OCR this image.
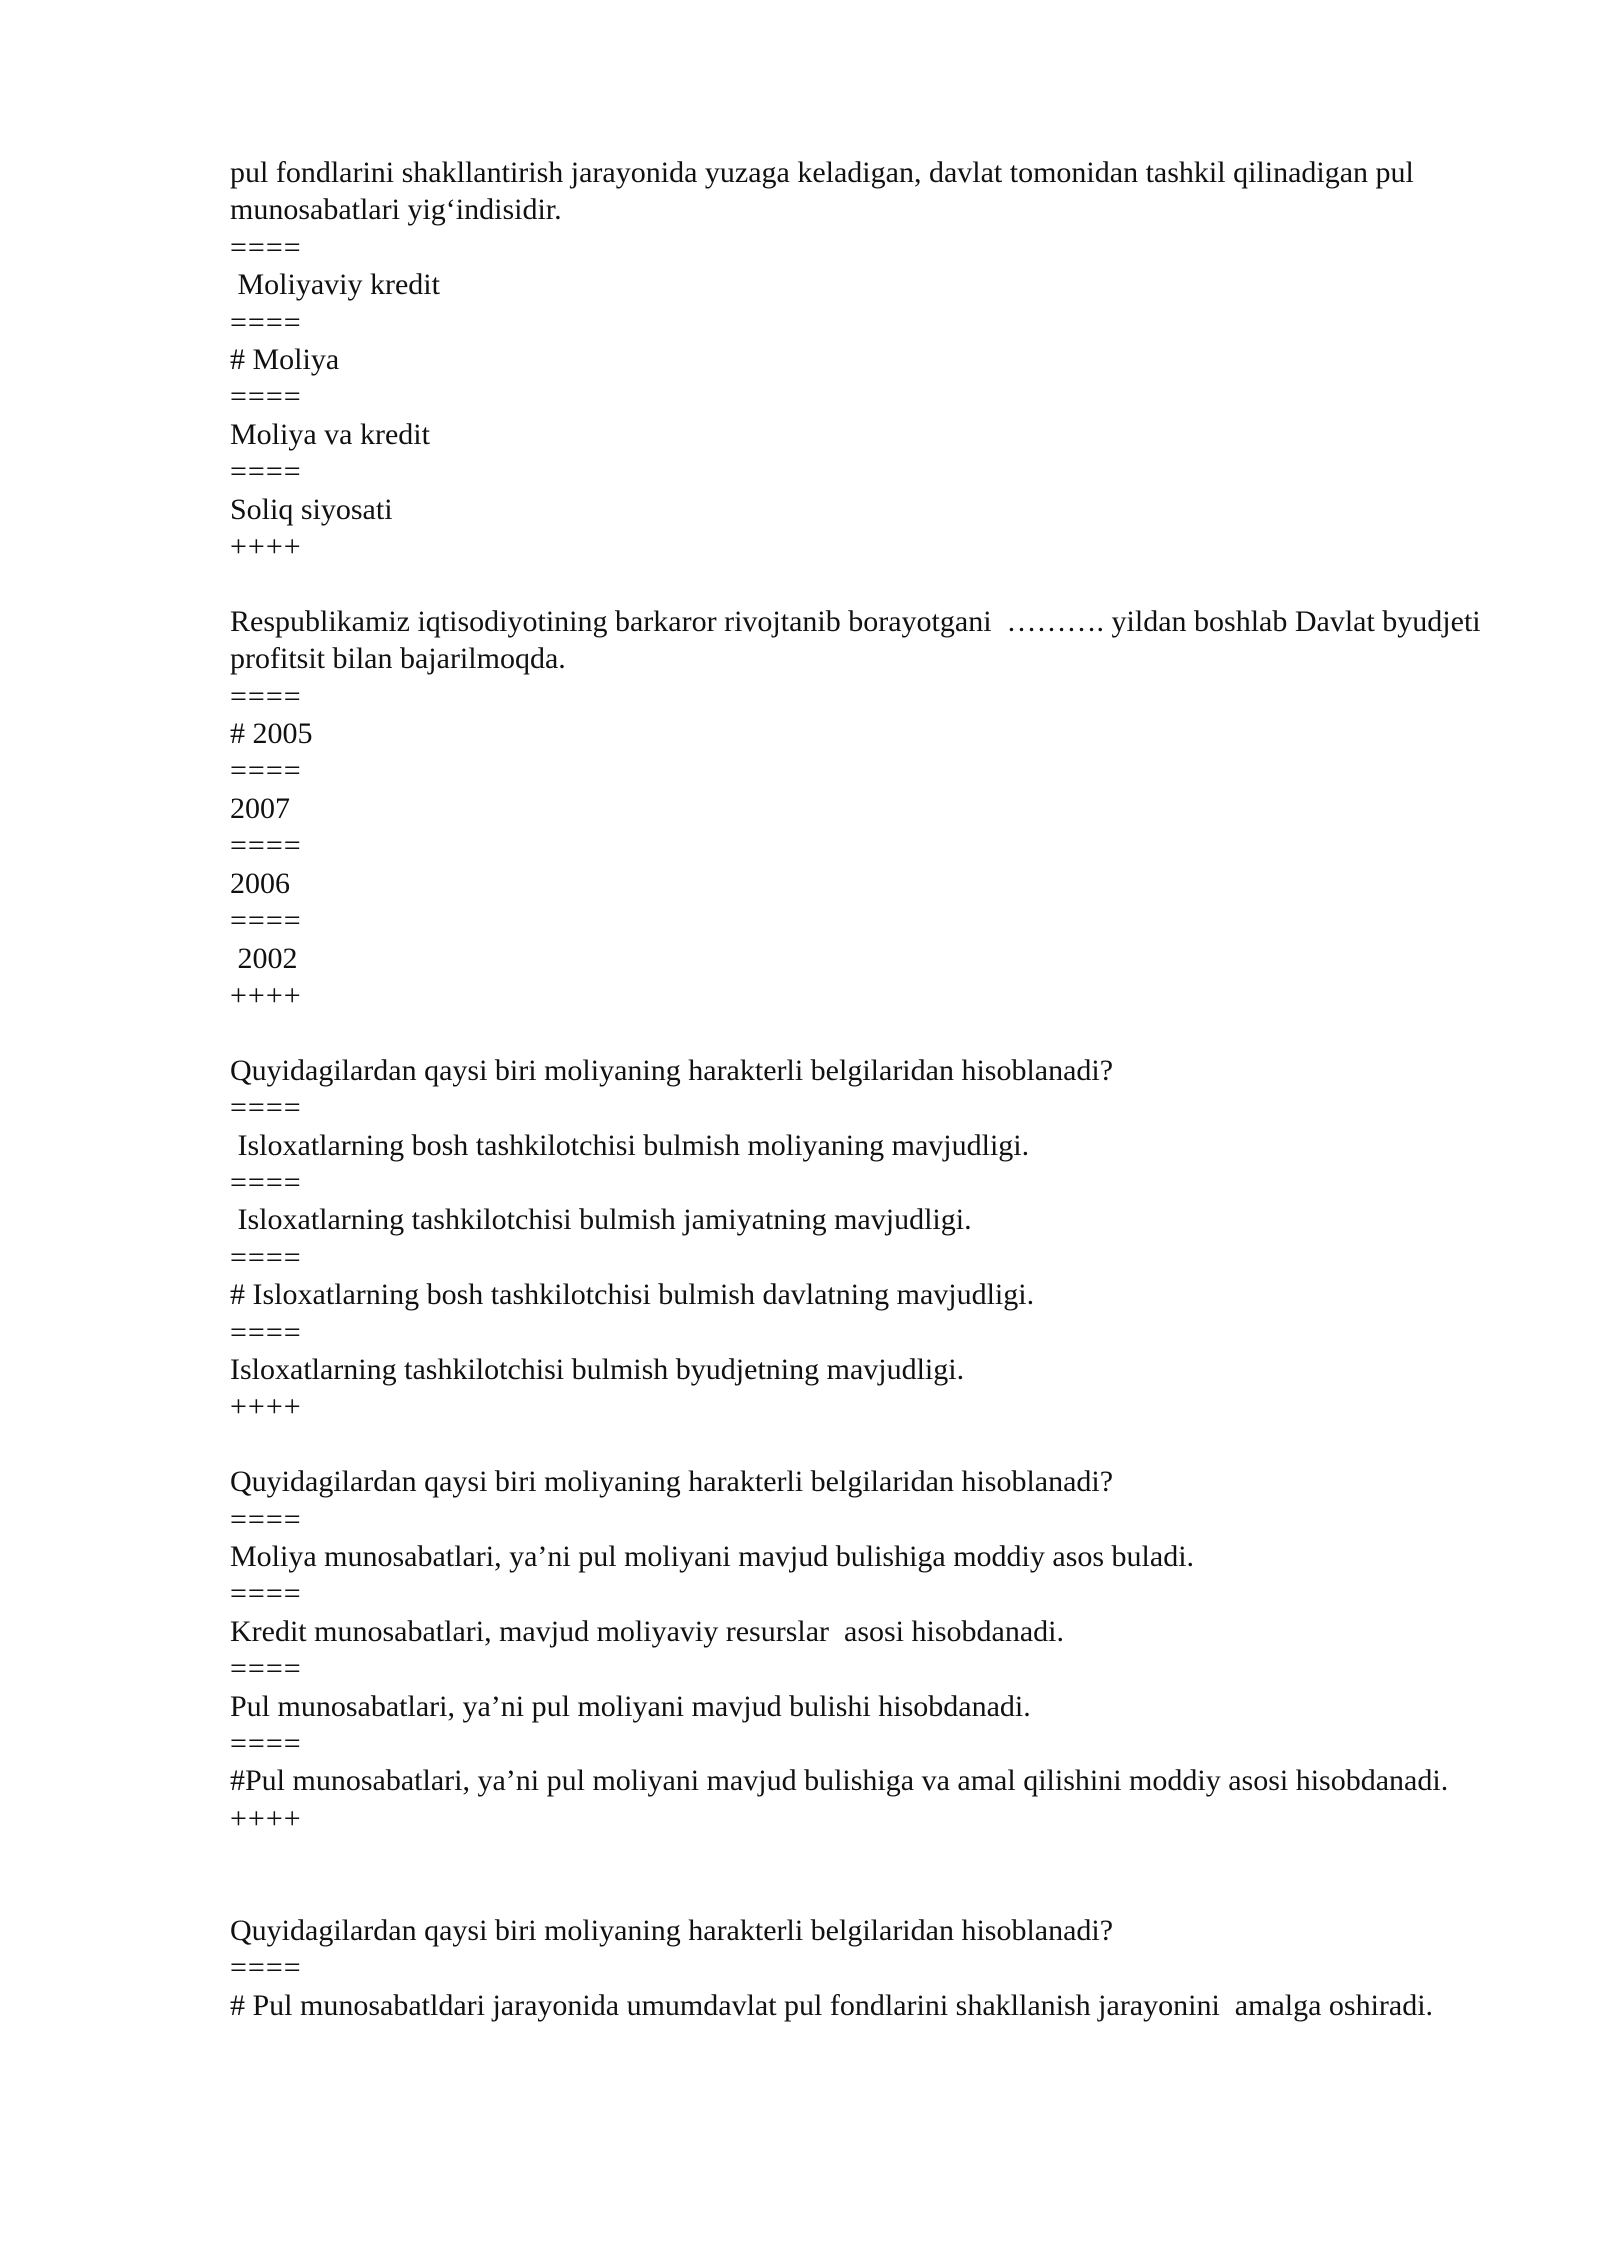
pul fondlarini shakllantirish jarayonida yuzaga keladigan, davlat tomonidan tashkil qilinadigan pul munosabatlari yig‘indisidir.

====

Moliyaviy kredit

====

# Moliya

====

Moliya va kredit

====

Soliq siyosati

++++

Respublikamiz iqtisodiyotining barkaror rivojtanib borayotgani  ………. yildan boshlab Davlat byudjeti profitsit bilan bajarilmoqda.

====

# 2005

====

2007

====

2006

====

2002

++++

Quyidagilardan qaysi biri moliyaning harakterli belgilaridan hisoblanadi?

====

Isloxatlarning bosh tashkilotchisi bulmish moliyaning mavjudligi.

====

Isloxatlarning tashkilotchisi bulmish jamiyatning mavjudligi.

====

# Isloxatlarning bosh tashkilotchisi bulmish davlatning mavjudligi.

====

Isloxatlarning tashkilotchisi bulmish byudjetning mavjudligi.

++++

Quyidagilardan qaysi biri moliyaning harakterli belgilaridan hisoblanadi?

====

Moliya munosabatlari, ya’ni pul moliyani mavjud bulishiga moddiy asos buladi.

====

Kredit munosabatlari, mavjud moliyaviy resurslar  asosi hisobdanadi.

====

Pul munosabatlari, ya’ni pul moliyani mavjud bulishi hisobdanadi.

====

#Pul munosabatlari, ya’ni pul moliyani mavjud bulishiga va amal qilishini moddiy asosi hisobdanadi.

++++

Quyidagilardan qaysi biri moliyaning harakterli belgilaridan hisoblanadi?

====

# Pul munosabatldari jarayonida umumdavlat pul fondlarini shakllanish jarayonini  amalga oshiradi.
